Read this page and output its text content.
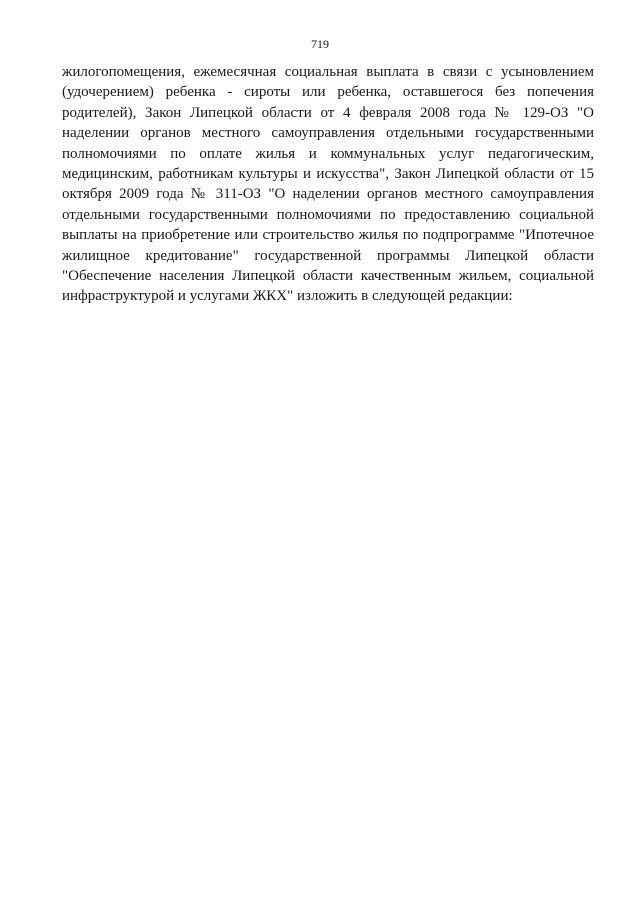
719

жилогопомещения, ежемесячная социальная выплата в связи с усыновлением (удочерением) ребенка - сироты или ребенка, оставшегося без попечения родителей), Закон Липецкой области от 4 февраля 2008 года № 129-ОЗ "О наделении органов местного самоуправления отдельными государственными полномочиями по оплате жилья и коммунальных услуг педагогическим, медицинским, работникам культуры и искусства", Закон Липецкой области от 15 октября 2009 года № 311-ОЗ "О наделении органов местного самоуправления отдельными государственными полномочиями по предоставлению социальной выплаты на приобретение или строительство жилья по подпрограмме "Ипотечное жилищное кредитование" государственной программы Липецкой области "Обеспечение населения Липецкой области качественным жильем, социальной инфраструктурой и услугами ЖКХ" изложить в следующей редакции:
